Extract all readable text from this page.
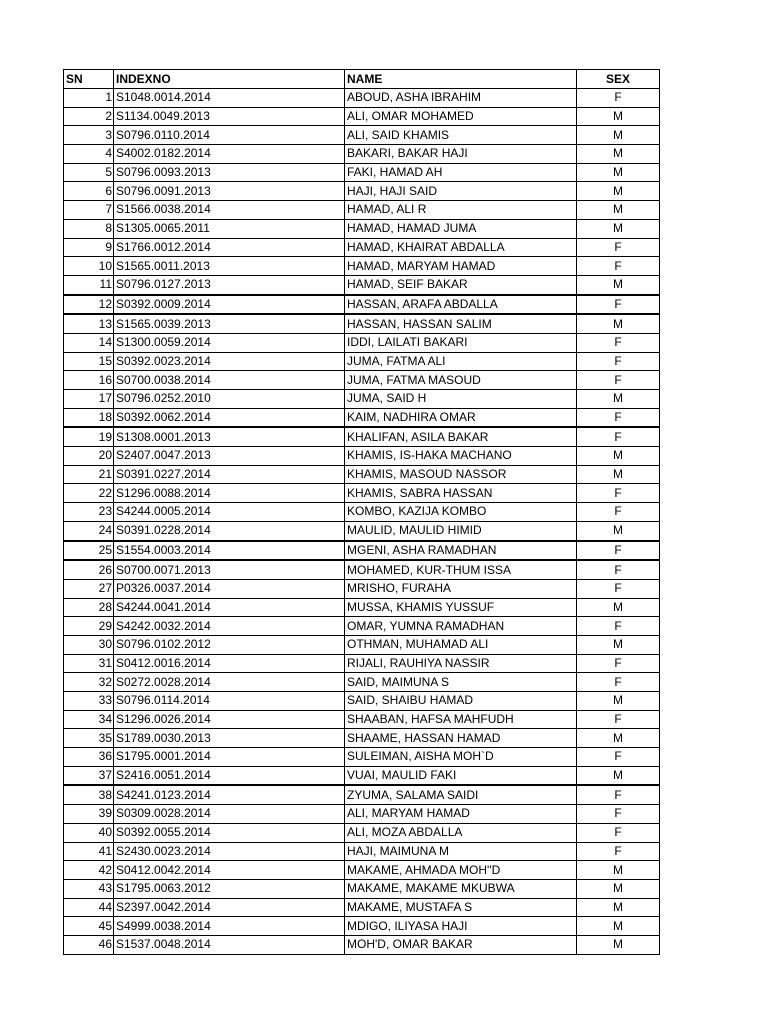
SN	INDEXNO	NAME	SEX
1	S1048.0014.2014	ABOUD, ASHA IBRAHIM	F
2	S1134.0049.2013	ALI, OMAR MOHAMED	M
3	S0796.0110.2014	ALI, SAID KHAMIS	M
4	S4002.0182.2014	BAKARI, BAKAR HAJI	M
5	S0796.0093.2013	FAKI, HAMAD AH	M
6	S0796.0091.2013	HAJI, HAJI SAID	M
7	S1566.0038.2014	HAMAD, ALI R	M
8	S1305.0065.2011	HAMAD, HAMAD JUMA	M
9	S1766.0012.2014	HAMAD, KHAIRAT ABDALLA	F
10	S1565.0011.2013	HAMAD, MARYAM HAMAD	F
11	S0796.0127.2013	HAMAD, SEIF BAKAR	M
12	S0392.0009.2014	HASSAN, ARAFA ABDALLA	F
13	S1565.0039.2013	HASSAN, HASSAN SALIM	M
14	S1300.0059.2014	IDDI, LAILATI BAKARI	F
15	S0392.0023.2014	JUMA, FATMA ALI	F
16	S0700.0038.2014	JUMA, FATMA MASOUD	F
17	S0796.0252.2010	JUMA, SAID H	M
18	S0392.0062.2014	KAIM, NADHIRA OMAR	F
19	S1308.0001.2013	KHALIFAN, ASILA BAKAR	F
20	S2407.0047.2013	KHAMIS, IS-HAKA MACHANO	M
21	S0391.0227.2014	KHAMIS, MASOUD NASSOR	M
22	S1296.0088.2014	KHAMIS, SABRA HASSAN	F
23	S4244.0005.2014	KOMBO, KAZIJA KOMBO	F
24	S0391.0228.2014	MAULID, MAULID HIMID	M
25	S1554.0003.2014	MGENI, ASHA RAMADHAN	F
26	S0700.0071.2013	MOHAMED, KUR-THUM ISSA	F
27	P0326.0037.2014	MRISHO, FURAHA	F
28	S4244.0041.2014	MUSSA, KHAMIS YUSSUF	M
29	S4242.0032.2014	OMAR, YUMNA RAMADHAN	F
30	S0796.0102.2012	OTHMAN, MUHAMAD ALI	M
31	S0412.0016.2014	RIJALI, RAUHIYA NASSIR	F
32	S0272.0028.2014	SAID, MAIMUNA S	F
33	S0796.0114.2014	SAID, SHAIBU HAMAD	M
34	S1296.0026.2014	SHAABAN, HAFSA MAHFUDH	F
35	S1789.0030.2013	SHAAME, HASSAN HAMAD	M
36	S1795.0001.2014	SULEIMAN, AISHA MOH`D	F
37	S2416.0051.2014	VUAI, MAULID FAKI	M
38	S4241.0123.2014	ZYUMA, SALAMA SAIDI	F
39	S0309.0028.2014	ALI, MARYAM HAMAD	F
40	S0392.0055.2014	ALI, MOZA ABDALLA	F
41	S2430.0023.2014	HAJI, MAIMUNA M	F
42	S0412.0042.2014	MAKAME, AHMADA MOH''D	M
43	S1795.0063.2012	MAKAME, MAKAME MKUBWA	M
44	S2397.0042.2014	MAKAME, MUSTAFA S	M
45	S4999.0038.2014	MDIGO, ILIYASA HAJI	M
46	S1537.0048.2014	MOH'D, OMAR BAKAR	M
